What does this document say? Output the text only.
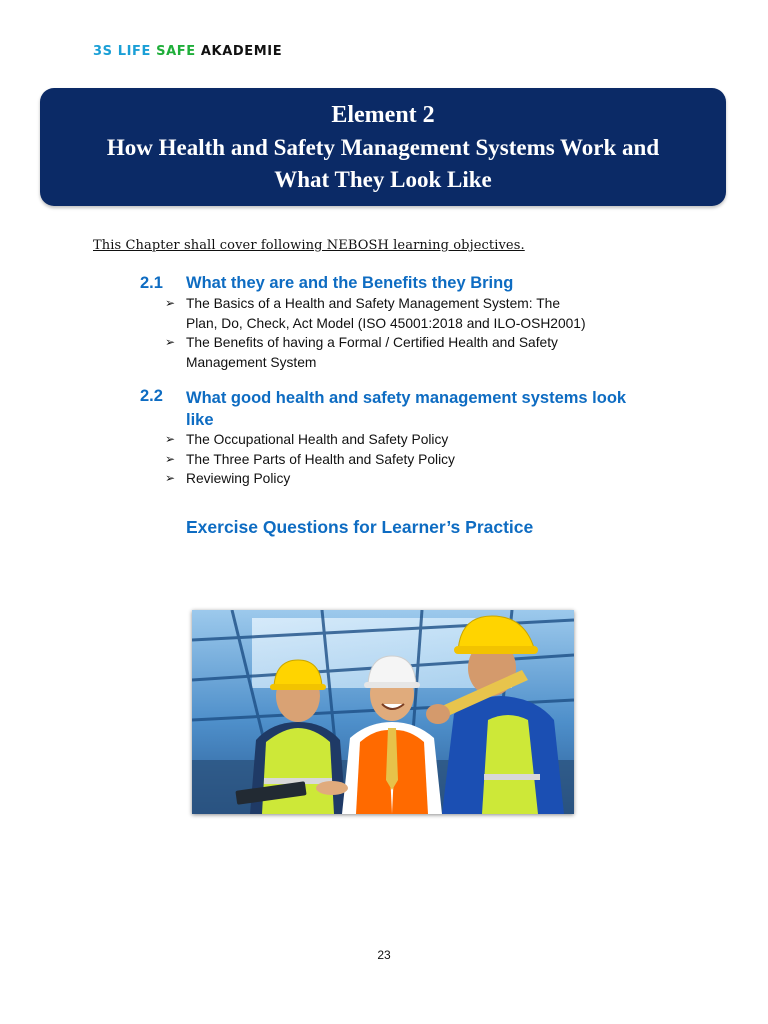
3S LIFE SAFE AKADEMIE
Element 2
How Health and Safety Management Systems Work and
What They Look Like
This Chapter shall cover following NEBOSH learning objectives.
2.1 What they are and the Benefits they Bring
➢ The Basics of a Health and Safety Management System: The
Plan, Do, Check, Act Model (ISO 45001:2018 and ILO-OSH2001)
➢ The Benefits of having a Formal / Certified Health and Safety
Management System
2.2 What good health and safety management systems look
like
➢ The Occupational Health and Safety Policy
➢ The Three Parts of Health and Safety Policy
➢ Reviewing Policy
Exercise Questions for Learner’s Practice
23
